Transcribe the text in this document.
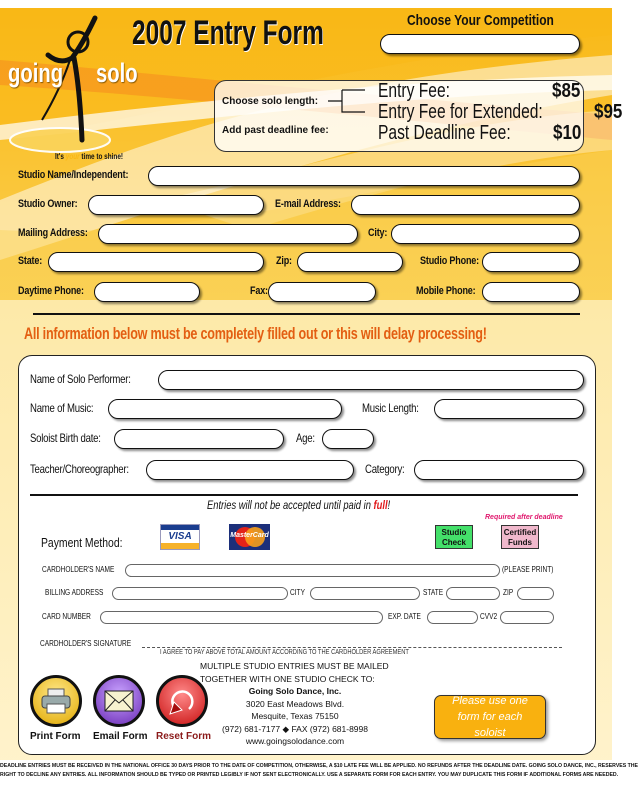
going solo
It's your time to shine!
2007 Entry Form	Choose Your Competition
Choose solo length:
Add past deadline fee:
Entry Fee:	$85
Entry Fee for Extended:	$95
Past Deadline Fee: $10
Studio Name/Independent:
Studio Owner:	E-mail Address:
Mailing Address:	City:
State:	Zip:	Studio Phone:
Daytime Phone:	Fax:	Mobile Phone:
All information below must be completely filled out or this will delay processing!
Name of Solo Performer:
Name of Music:	Music Length:
Soloist Birth date:	Age:
Teacher/Choreographer:	Category:
Entries will not be accepted until paid in full!
Payment Method:	VISA	MasterCard
Required after deadline
Studio
Check
Certified
Funds
CARDHOLDER'S NAME	(PLEASE PRINT)
BILLING ADDRESS	CITY	STATE	ZIP
CARD NUMBER	EXP. DATE	CVV2
CARDHOLDER'S SIGNATURE
I AGREE TO PAY ABOVE TOTAL AMOUNT ACCORDING TO THE CARDHOLDER AGREEMENT
Print Form Email Form Reset Form
MULTIPLE STUDIO ENTRIES MUST BE MAILED
TOGETHER WITH ONE STUDIO CHECK TO:
Going Solo Dance, Inc.
3020 East Meadows Blvd.
Mesquite, Texas 75150
(972) 681-7177 ◆ FAX (972) 681-8998
www.goingsolodance.com
Please use one form for each soloist
DEADLINE ENTRIES MUST BE RECEIVED IN THE NATIONAL OFFICE 30 DAYS PRIOR TO THE DATE OF COMPETITION, OTHERWISE, A $10 LATE FEE WILL BE APPLIED. NO REFUNDS AFTER THE DEADLINE DATE. GOING SOLO DANCE, INC., RESERVES THE
RIGHT TO DECLINE ANY ENTRIES. ALL INFORMATION SHOULD BE TYPED OR PRINTED LEGIBLY IF NOT SENT ELECTRONICALLY. USE A SEPARATE FORM FOR EACH ENTRY. YOU MAY DUPLICATE THIS FORM IF ADDITIONAL FORMS ARE NEEDED.
